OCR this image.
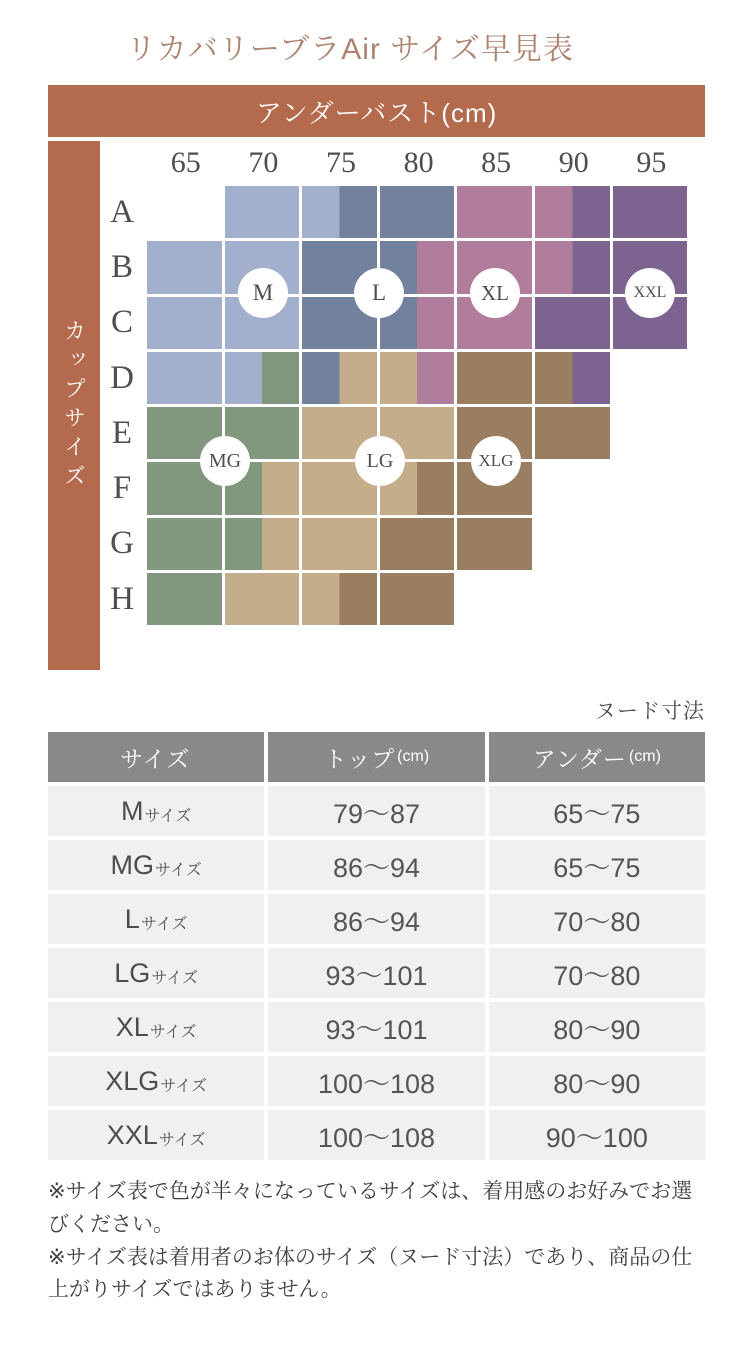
リカバリーブラAir サイズ早見表
アンダーバスト(cm)
カップサイズ
65	70	75	80	85	90	95
A
B
C
D
E
F
G
H
M	L	XL	XXL
MG	LG	XLG
ヌード寸法
サイズ	トップ (cm)	アンダー (cm)
M サイズ	79〜87	65〜75
MG サイズ	86〜94	65〜75
L サイズ	86〜94	70〜80
LG サイズ	93〜101	70〜80
XL サイズ	93〜101	80〜90
XLG サイズ	100〜108	80〜90
XXL サイズ	100〜108	90〜100

※サイズ表で色が半々になっているサイズは、着用感のお好みでお選びください。

※サイズ表は着用者のお体のサイズ（ヌード寸法）であり、商品の仕上がりサイズではありません。
